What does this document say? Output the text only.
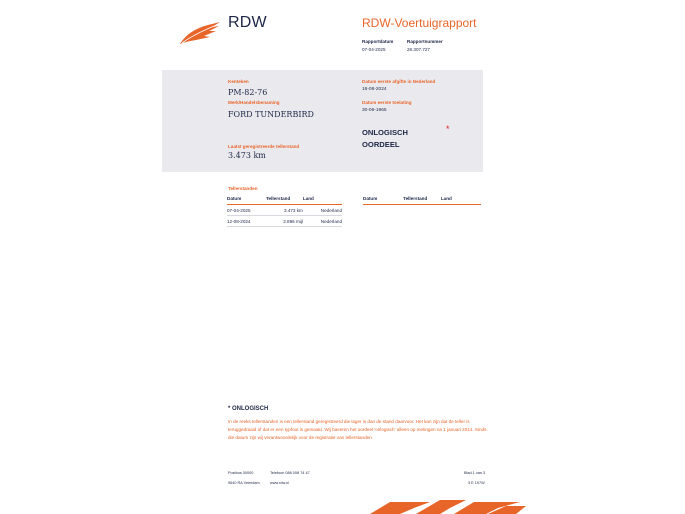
RDW	RDW-Voertuigrapport
Rapportdatum
07-04-2025
Rapportnummer
28.307.727
Kenteken
PM-82-76
Merk/Handelsbenaming
FORD TUNDERBIRD
Laatst geregistreerde tellerstand
3.473 km
Datum eerste afgifte in Nederland
16-08-2024
Datum eerste toelating
30-06-1965
ONLOGISCH
OORDEEL
*
Tellerstanden
Datum	Tellerstand	Land
07-04-2025	3.473 km	Nederland
12-08-2024	2.896 mijl	Nederland
Datum	Tellerstand	Land
* ONLOGISCH
In de reeks tellerstanden is een tellerstand geregistreerd die lager is dan de stand daarvoor. Het kan zijn dat de teller is teruggedraaid of dat er een typfout is gemaakt. Wij baseren het oordeel 'onlogisch' alleen op metingen na 1 januari 2014. Sinds die datum zijn wij verantwoordelijk voor de registratie van tellerstanden.
Postbus 30000
9640 RA Veendam
Telefoon 088 008 74 47
www.rdw.nl
Blad 1 van 3
3 E 197W
